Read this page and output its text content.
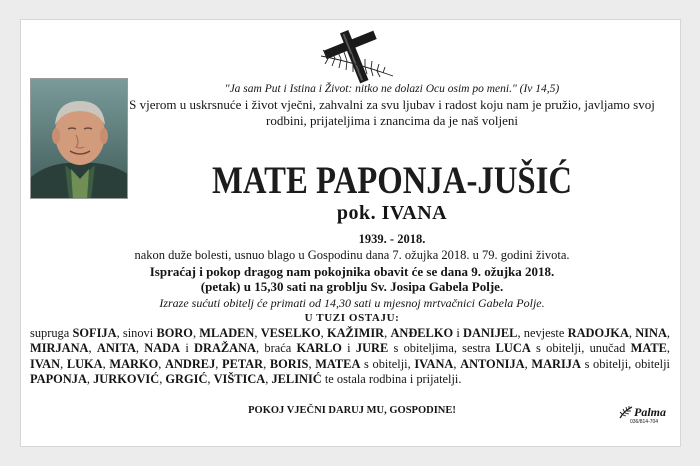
"Ja sam Put i Istina i Život: nitko ne dolazi Ocu osim po meni." (Iv 14,5)
S vjerom u uskrsnuće i život vječni, zahvalni za svu ljubav i radost koju nam je pružio, javljamo svoj rodbini, prijateljima i znancima da je naš voljeni
MATE PAPONJA-JUŠIĆ
pok. IVANA
1939. - 2018.
nakon duže bolesti, usnuo blago u Gospodinu dana 7. ožujka 2018. u 79. godini života.
Ispraćaj i pokop dragog nam pokojnika obavit će se dana 9. ožujka 2018.
(petak) u 15,30 sati na groblju Sv. Josipa Gabela Polje.
Izraze sućuti obitelj će primati od 14,30 sati u mjesnoj mrtvačnici Gabela Polje.
U TUZI OSTAJU:
supruga SOFIJA, sinovi BORO, MLADEN, VESELKO, KAŽIMIR, ANĐELKO i DANIJEL, nevjeste RADOJKA, NINA, MIRJANA, ANITA, NADA i DRAŽANA, braća KARLO i JURE s obiteljima, sestra LUCA s obitelji, unučad MATE, IVAN, LUKA, MARKO, ANDREJ, PETAR, BORIS, MATEA s obitelji, IVANA, ANTONIJA, MARIJA s obitelji, obitelji PAPONJA, JURKOVIĆ, GRGIĆ, VIŠTICA, JELINIĆ te ostala rodbina i prijatelji.
POKOJ VJEČNI DARUJ MU, GOSPODINE!	Palma
036/814-704
